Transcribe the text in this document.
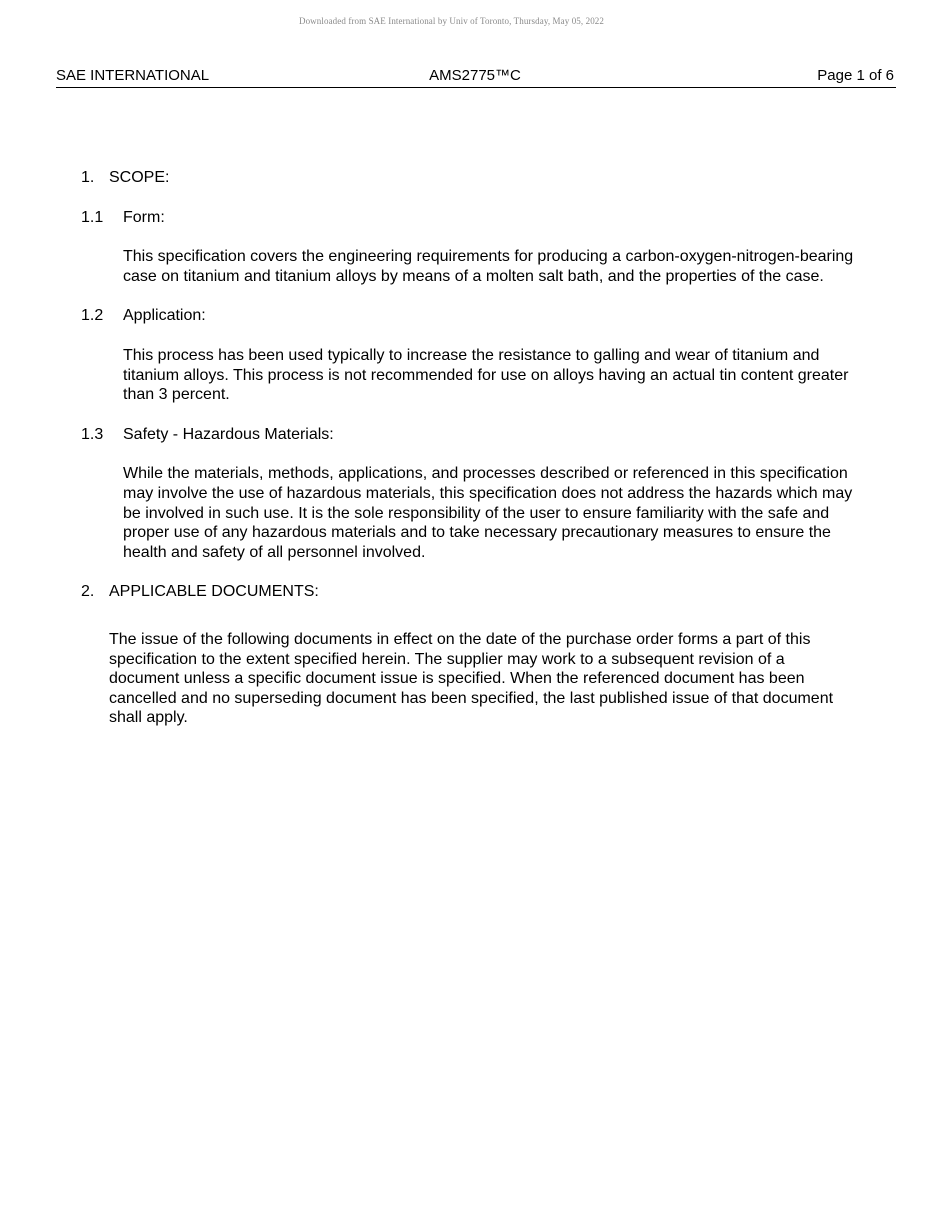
Downloaded from SAE International by Univ of Toronto, Thursday, May 05, 2022
SAE INTERNATIONAL	AMS2775™C	Page 1 of 6
1. SCOPE:
1.1	Form:

This specification covers the engineering requirements for producing a carbon-oxygen-nitrogen-bearing case on titanium and titanium alloys by means of a molten salt bath, and the properties of the case.

1.2	Application:

This process has been used typically to increase the resistance to galling and wear of titanium and titanium alloys. This process is not recommended for use on alloys having an actual tin content greater than 3 percent.

1.3	Safety - Hazardous Materials:

While the materials, methods, applications, and processes described or referenced in this specification may involve the use of hazardous materials, this specification does not address the hazards which may be involved in such use. It is the sole responsibility of the user to ensure familiarity with the safe and proper use of any hazardous materials and to take necessary precautionary measures to ensure the health and safety of all personnel involved.

2. APPLICABLE DOCUMENTS:

The issue of the following documents in effect on the date of the purchase order forms a part of this specification to the extent specified herein. The supplier may work to a subsequent revision of a document unless a specific document issue is specified. When the referenced document has been cancelled and no superseding document has been specified, the last published issue of that document shall apply.
